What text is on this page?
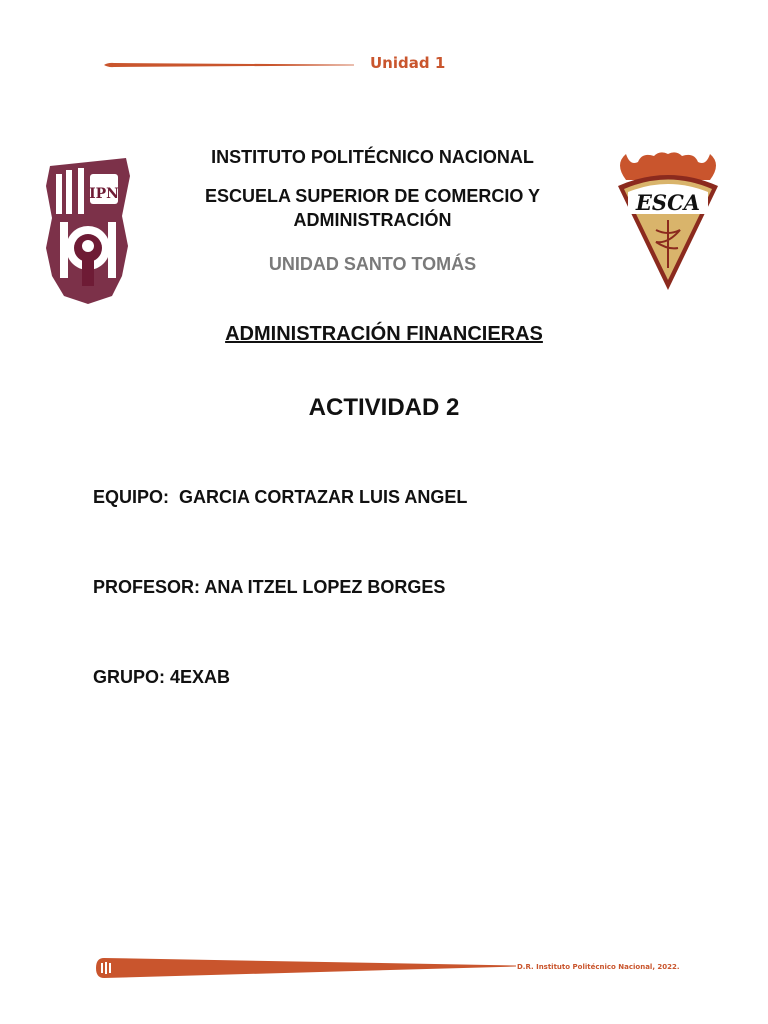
Unidad 1
IPN
INSTITUTO POLITÉCNICO NACIONAL
ESCUELA SUPERIOR DE COMERCIO Y
ADMINISTRACIÓN
UNIDAD SANTO TOMÁS
ESCA
ADMINISTRACIÓN FINANCIERAS
ACTIVIDAD 2
EQUIPO:  GARCIA CORTAZAR LUIS ANGEL
PROFESOR: ANA ITZEL LOPEZ BORGES
GRUPO: 4EXAB
D.R. Instituto Politécnico Nacional, 2022.
